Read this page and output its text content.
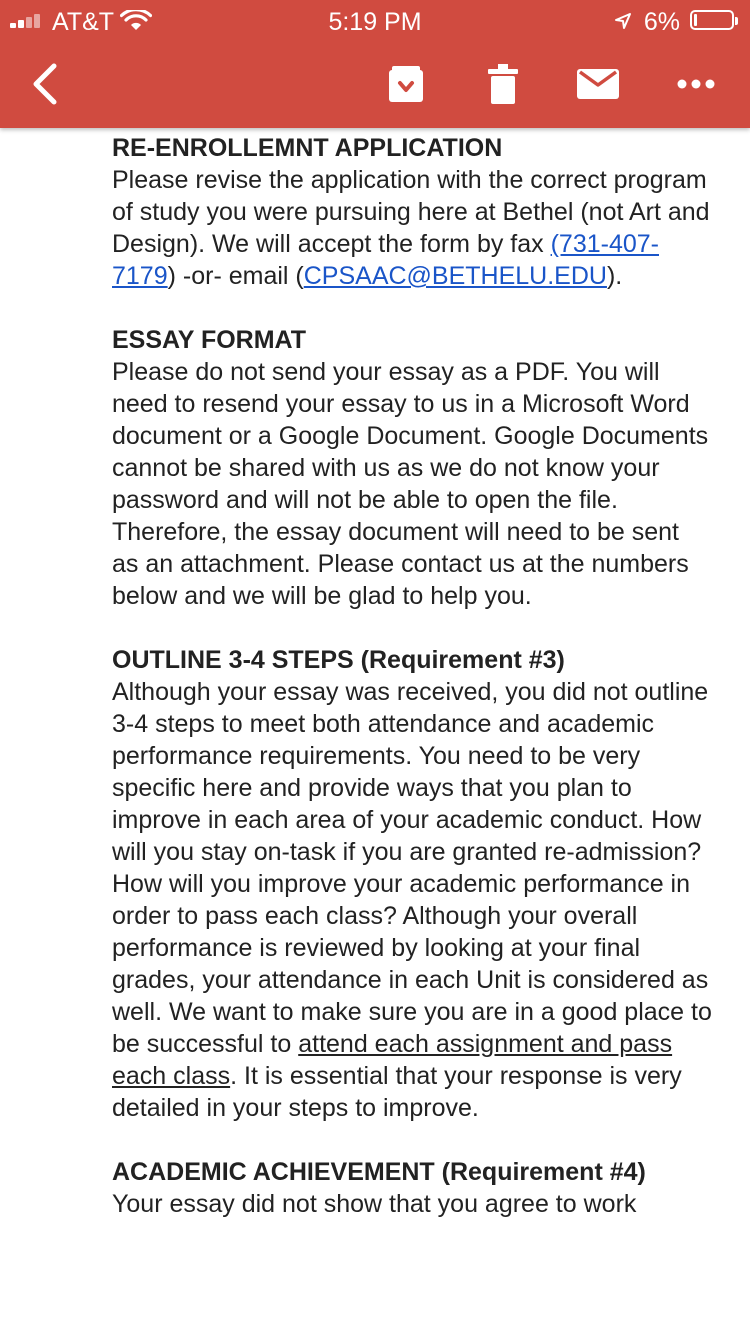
AT&T	5:19 PM	6%
RE-ENROLLEMNT APPLICATION

Please revise the application with the correct program of study you were pursuing here at Bethel (not Art and Design). We will accept the form by fax (731-407-7179) -or- email (CPSAAC@BETHELU.EDU).

ESSAY FORMAT

Please do not send your essay as a PDF. You will need to resend your essay to us in a Microsoft Word document or a Google Document. Google Documents cannot be shared with us as we do not know your password and will not be able to open the file. Therefore, the essay document will need to be sent as an attachment. Please contact us at the numbers below and we will be glad to help you.

OUTLINE 3-4 STEPS (Requirement #3)

Although your essay was received, you did not outline 3-4 steps to meet both attendance and academic performance requirements. You need to be very specific here and provide ways that you plan to improve in each area of your academic conduct. How will you stay on-task if you are granted re-admission? How will you improve your academic performance in order to pass each class? Although your overall performance is reviewed by looking at your final grades, your attendance in each Unit is considered as well. We want to make sure you are in a good place to be successful to attend each assignment and pass each class. It is essential that your response is very detailed in your steps to improve.

ACADEMIC ACHIEVEMENT (Requirement #4)

Your essay did not show that you agree to work
